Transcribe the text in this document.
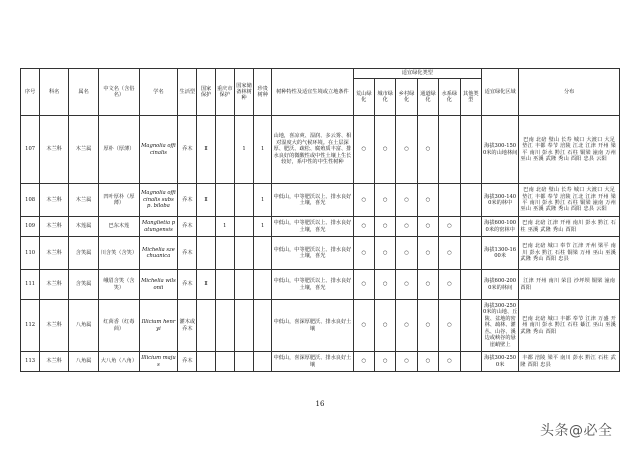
序号	科名	属名	中文名（含俗名）	学名	生活型	国家保护	重庆市保护	国家储备林树种	珍贵树种	树种特性及适宜生境或立地条件	适宜绿化类型						适宜绿化区域	分布
											荒山绿化	城市绿化	乡村绿化	通道绿化	水系绿化	其他类型		
107	木兰科	木兰属	厚朴（厚薄）	Magnolia officinalis	乔木	Ⅱ		1	1	山地，喜凉爽、湿润、多云雾、相对湿度大的气候环境。在土层深厚、肥沃、疏松、腐殖质丰富、排水良好的微酸性或中性土壤上生长较好，系中性的中生性树种	○	○	○	○			海拔300-1500米的山地林间	巴南 北碚 璧山 长寿 城口 大渡口 大足 垫江 丰都 奉节 涪陵 江北 江津 开州 梁平 南川 彭水 黔江 石柱 铜梁 潼南 万州 巫山 巫溪 武隆 秀山 酉阳 忠县 云阳
108	木兰科	木兰属	凹叶厚朴（厚薄）	Magnolia officinalis subsp. biloba	乔木	Ⅱ			1	中低山，中等肥沃以上、排水良好土壤，喜光	○	○	○	○			海拔300-1400米的林中	巴南 北碚 璧山 长寿 城口 大渡口 大足 垫江 丰都 奉节 涪陵 江北 江津 开州 梁平 南川 彭水 黔江 石柱 铜梁 潼南 万州 巫山 巫溪 武隆 秀山 酉阳 忠县 云阳
109	木兰科	木莲属	巴东木莲	Manglietia patungensis	乔木		1		1	中低山，中等肥沃以上、排水良好土壤，喜光	○	○	○	○	○		海拔600-1000米的密林中	巴南 北碚 江津 开州 南川 彭水 黔江 石柱 巫溪 武隆 秀山 酉阳
110	木兰科	含笑属	川含笑（含笑）	Michelia szechuanica	乔木					中低山，中等肥沃以上、排水良好土壤，喜光	○	○	○	○	○		海拔1300-1600米	巴南 北碚 城口 奉节 江津 开州 梁平 南川 彭水 黔江 石柱 铜梁 万州 巫山 巫溪 武隆 秀山 酉阳 忠县
111	木兰科	含笑属	峨眉含笑（含笑）	Michelia wilsonii	乔木	Ⅱ				中低山，中等肥沃以上、排水良好土壤，喜光	○	○	○	○	○		海拔600-2000米的林间	江津 开州 南川 荣昌 沙坪坝 铜梁 潼南 酉阳
112	木兰科	八角属	红茴香（红毒茴）	Illicium henryi	灌木或乔木					中低山，喜深厚肥沃、排水良好土壤	○	○	○	○	○		海拔300-2500米的山地、丘陵、盆地的密林、疏林、灌丛、山谷、溪边或峡谷的悬崖峭壁上	巴南 北碚 城口 丰都 奉节 江津 万盛 开州 南川 彭水 黔江 石柱 綦江 巫山 巫溪 武隆 秀山 酉阳
113	木兰科	八角属	大八角（八角）	Illicium majus	乔木					中低山，喜深厚肥沃、排水良好土壤	○	○	○	○	○		海拔300-2500米	丰都 涪陵 梁平 南川 彭水 黔江 石柱 武隆 酉阳 忠县
16
头条@必全
